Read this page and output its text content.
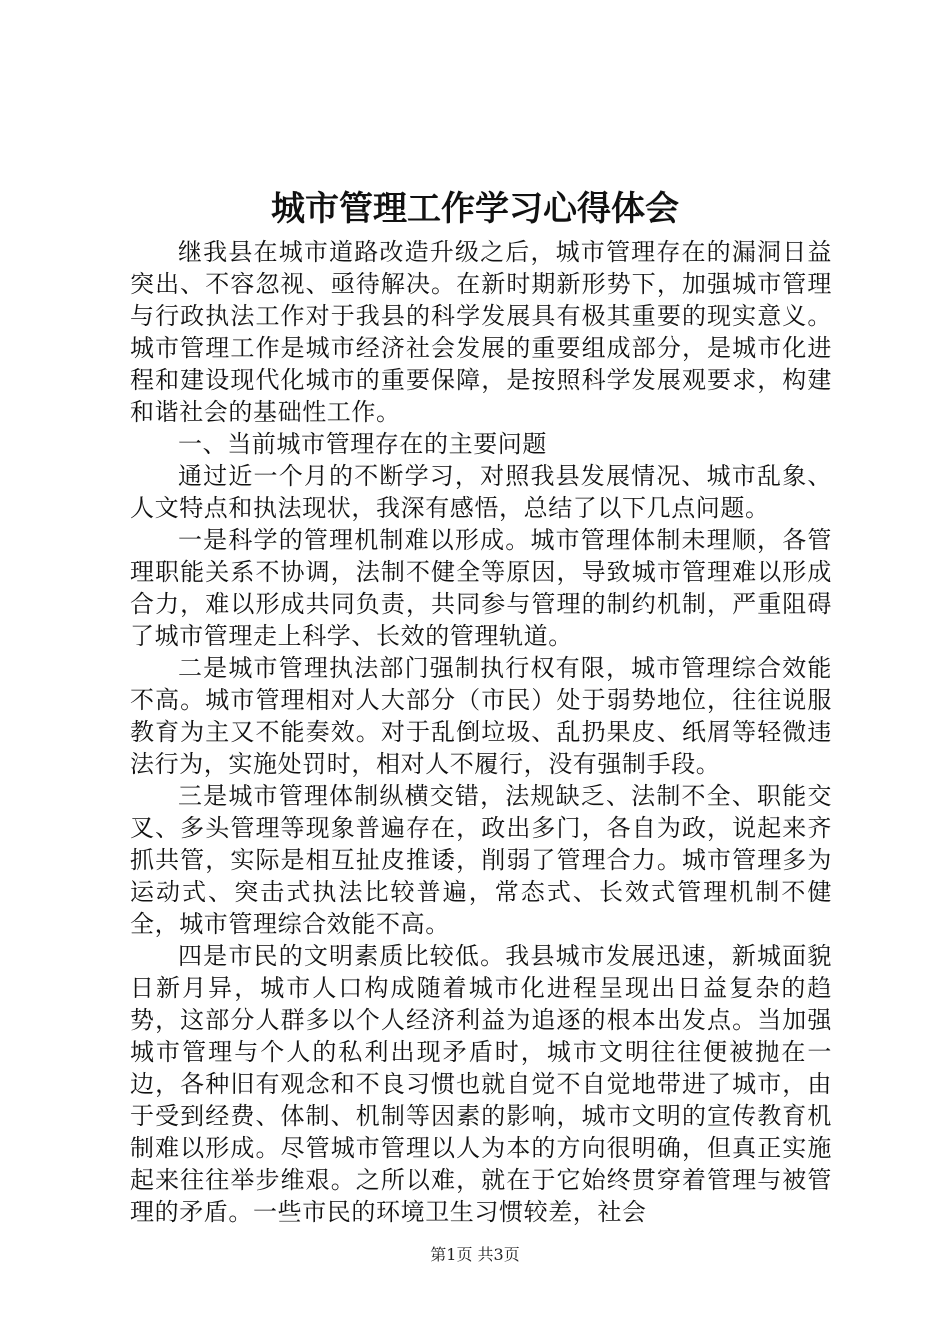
城市管理工作学习心得体会

继我县在城市道路改造升级之后，城市管理存在的漏洞日益突出、不容忽视、亟待解决。在新时期新形势下，加强城市管理与行政执法工作对于我县的科学发展具有极其重要的现实意义。城市管理工作是城市经济社会发展的重要组成部分，是城市化进程和建设现代化城市的重要保障，是按照科学发展观要求，构建和谐社会的基础性工作。

一、当前城市管理存在的主要问题

通过近一个月的不断学习，对照我县发展情况、城市乱象、人文特点和执法现状，我深有感悟，总结了以下几点问题。

一是科学的管理机制难以形成。城市管理体制未理顺，各管理职能关系不协调，法制不健全等原因，导致城市管理难以形成合力，难以形成共同负责，共同参与管理的制约机制，严重阻碍了城市管理走上科学、长效的管理轨道。

二是城市管理执法部门强制执行权有限，城市管理综合效能不高。城市管理相对人大部分（市民）处于弱势地位，往往说服教育为主又不能奏效。对于乱倒垃圾、乱扔果皮、纸屑等轻微违法行为，实施处罚时，相对人不履行，没有强制手段。

三是城市管理体制纵横交错，法规缺乏、法制不全、职能交叉、多头管理等现象普遍存在，政出多门，各自为政，说起来齐抓共管，实际是相互扯皮推诿，削弱了管理合力。城市管理多为运动式、突击式执法比较普遍，常态式、长效式管理机制不健全，城市管理综合效能不高。

四是市民的文明素质比较低。我县城市发展迅速，新城面貌日新月异，城市人口构成随着城市化进程呈现出日益复杂的趋势，这部分人群多以个人经济利益为追逐的根本出发点。当加强城市管理与个人的私利出现矛盾时，城市文明往往便被抛在一边，各种旧有观念和不良习惯也就自觉不自觉地带进了城市，由于受到经费、体制、机制等因素的影响，城市文明的宣传教育机制难以形成。尽管城市管理以人为本的方向很明确，但真正实施起来往往举步维艰。之所以难，就在于它始终贯穿着管理与被管理的矛盾。一些市民的环境卫生习惯较差，社会

第1页 共3页
